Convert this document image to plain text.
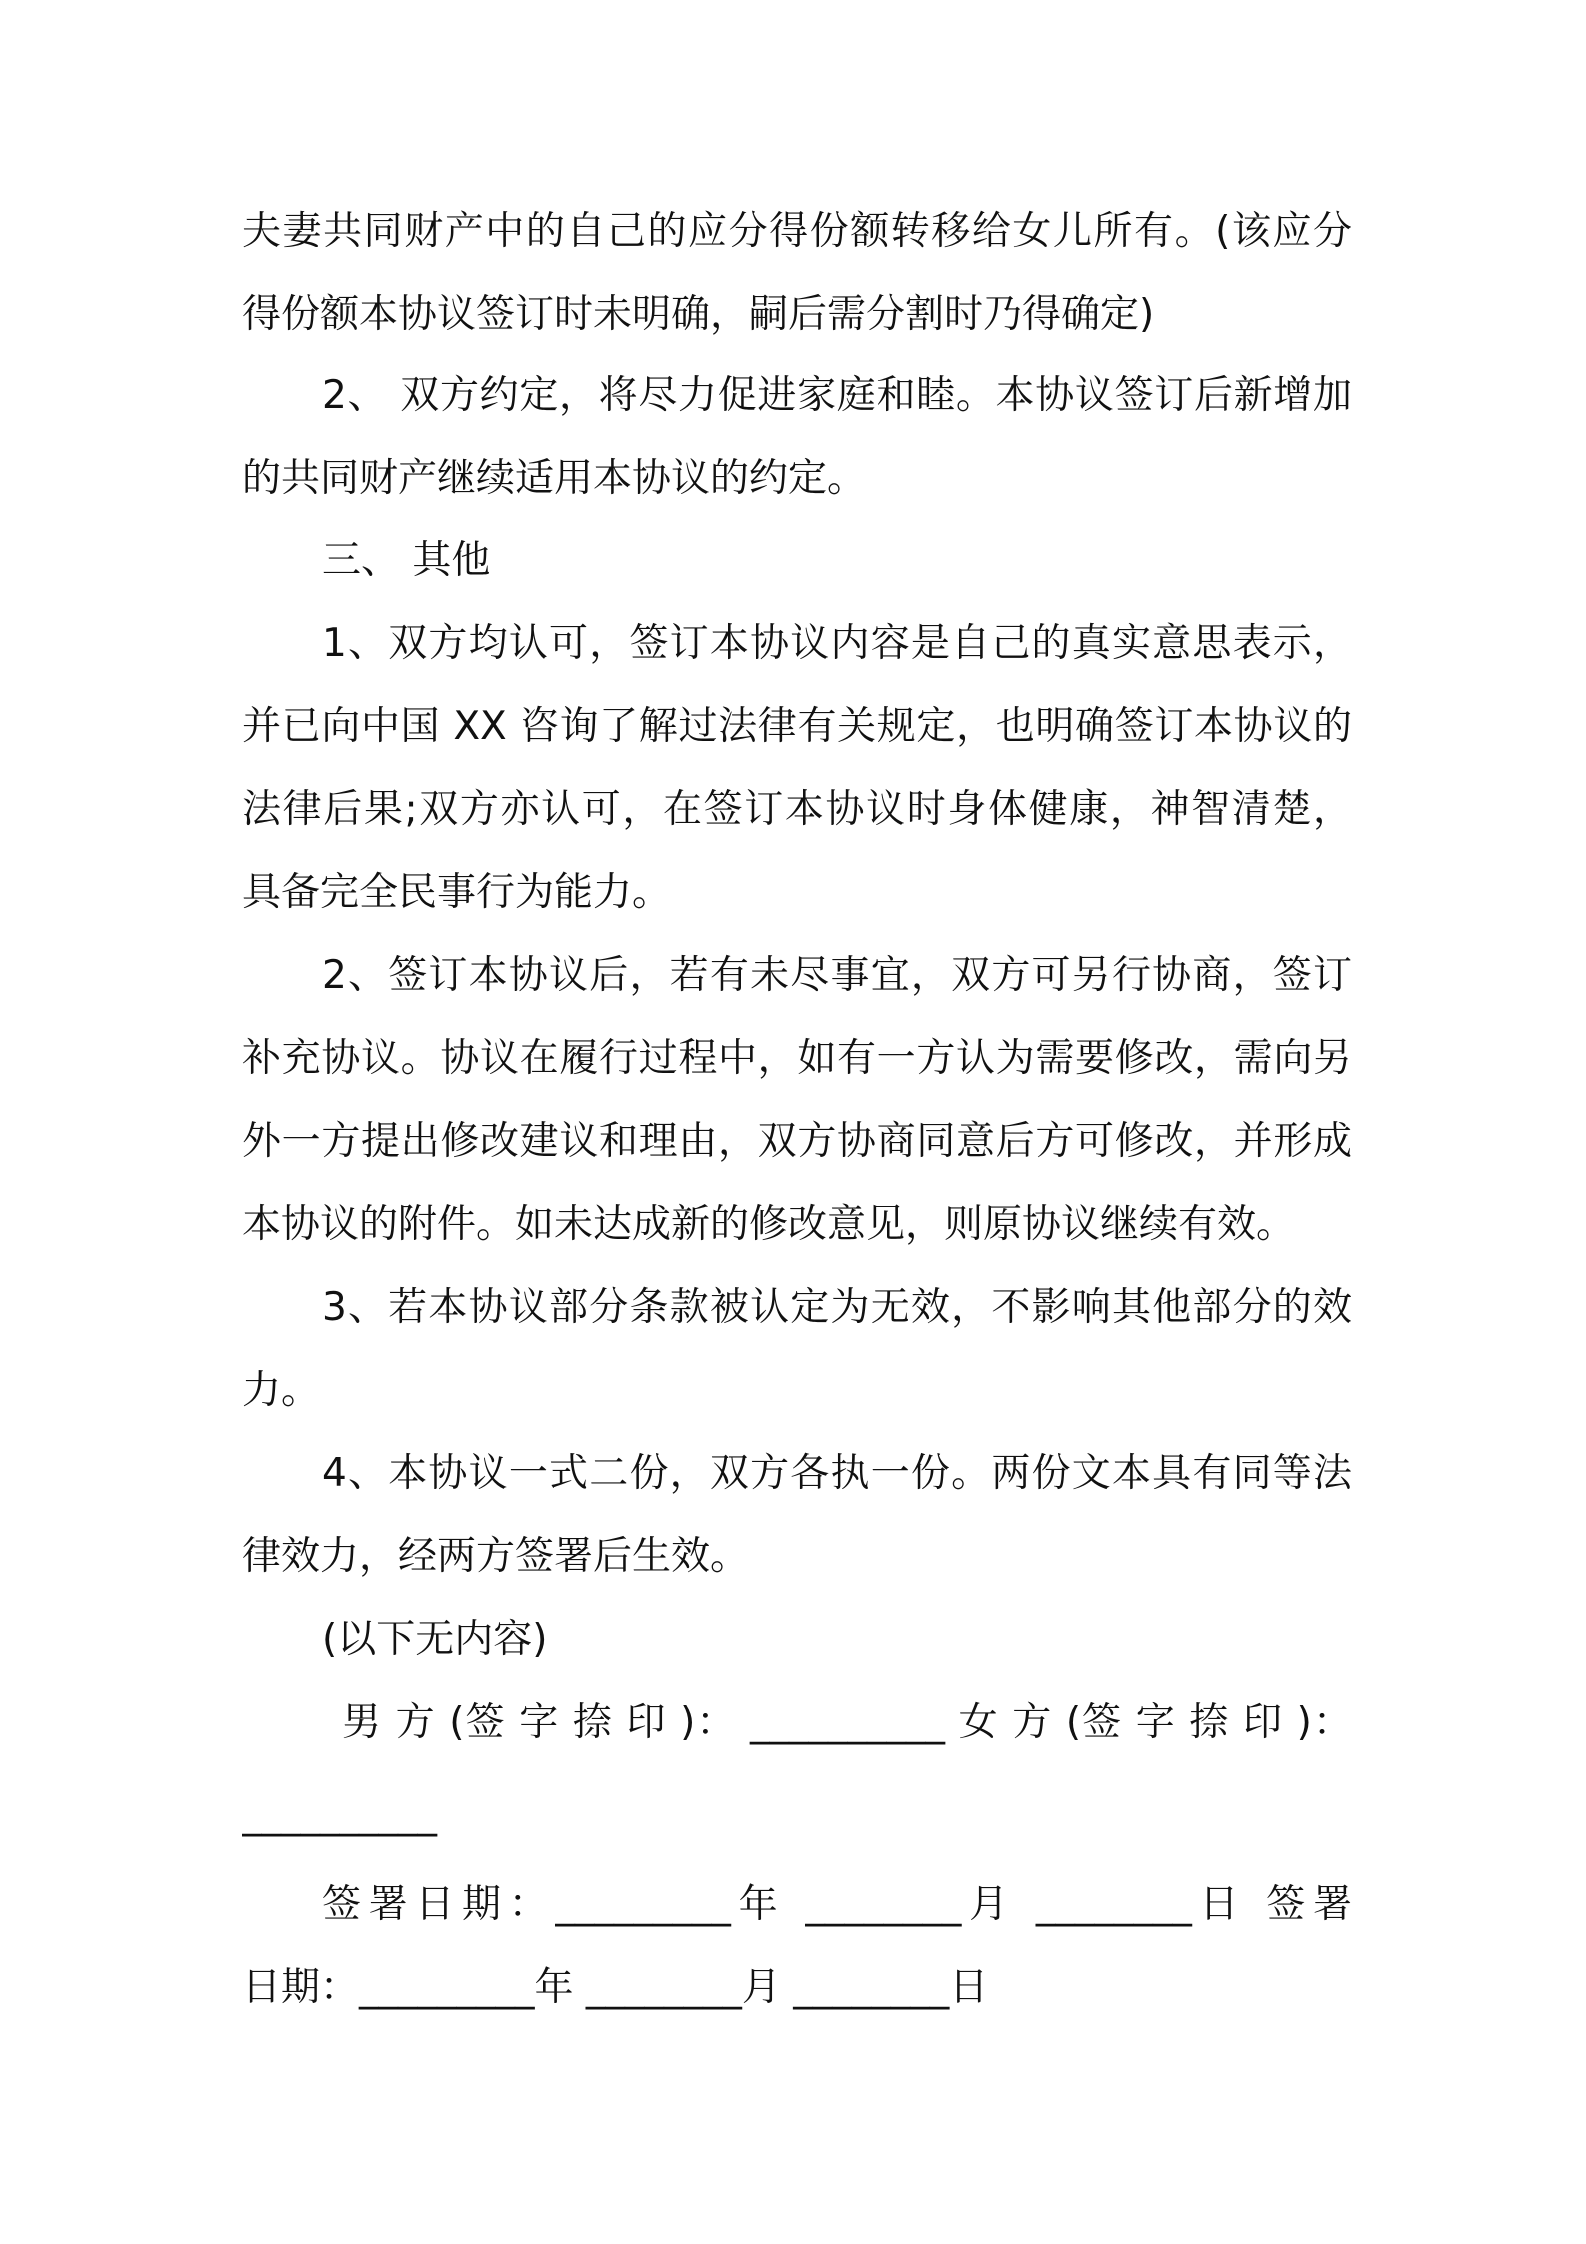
夫妻共同财产中的自己的应分得份额转移给女儿所有。(该应分
得份额本协议签订时未明确，嗣后需分割时乃得确定)
2、 双方约定，将尽力促进家庭和睦。本协议签订后新增加
的共同财产继续适用本协议的约定。
三、 其他
1、双方均认可，签订本协议内容是自己的真实意思表示，
并已向中国 XX 咨询了解过法律有关规定，也明确签订本协议的
法律后果;双方亦认可，在签订本协议时身体健康，神智清楚，
具备完全民事行为能力。
2、签订本协议后，若有未尽事宜，双方可另行协商，签订
补充协议。协议在履行过程中，如有一方认为需要修改，需向另
外一方提出修改建议和理由，双方协商同意后方可修改，并形成
本协议的附件。如未达成新的修改意见，则原协议继续有效。
3、若本协议部分条款被认定为无效，不影响其他部分的效
力。
4、本协议一式二份，双方各执一份。两份文本具有同等法
律效力，经两方签署后生效。
(以下无内容)
男 方 (签 字 捺 印 )： __________ 女 方 (签 字 捺 印 )：
__________
签署日期：_________年 ________月 ________日 签署
日期：_________年 ________月 ________日
